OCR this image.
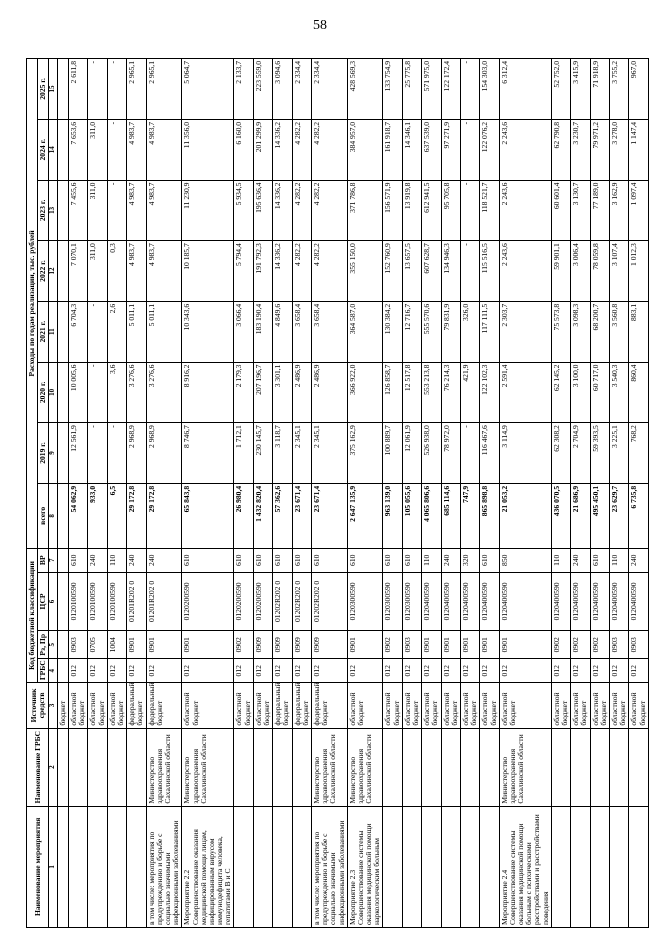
58
Наименование мероприятия	Наименование ГРБС	Источник средств	Код бюджетной классификации				Расходы по годам реализации, тыс. рублей							
			ГРБС	Рз, Пр	ЦСР	ВР	всего	2019 г.	2020 г.	2021 г.	2022 г.	2023 г.	2024 г.	2025 г.
1	2	3	4	5	6	7	8	9	10	11	12	13	14	15
		бюджет												
		областной бюджет	012	0903	0120100590	610	54 062,9	12 561,9	10 005,6	6 704,3	7 070,1	7 455,6	7 653,6	2 611,8
		областной бюджет	012	0705	0120100590	240	933,0	-	-	-	311,0	311,0	311,0	-
		областной бюджет	012	1004	0120100590	110	6,5	-	3,6	2,6	0,3	-	-	-
		федеральный бюджет	012	0901	01201R202 0	240	29 172,8	2 968,9	3 276,6	5 011,1	4 983,7	4 983,7	4 983,7	2 965,1
в том числе: мероприятия по предупреждению и борьбе с социально значимыми инфекционными заболеваниями	Министерство здравоохранения Сахалинской области	федеральный бюджет	012	0901	01201R202 0	240	29 172,8	2 968,9	3 276,6	5 011,1	4 983,7	4 983,7	4 983,7	2 965,1
Мероприятие 2.2 Совершенствование оказания медицинской помощи лицам, инфицированным вирусом иммунодефицита человека, гепатитами B и C	Министерство здравоохранения Сахалинской области	областной бюджет	012	0901	0120200590	610	65 843,8	8 746,7	8 916,2	10 343,6	10 185,7	11 230,9	11 356,0	5 064,7
		областной бюджет	012	0902	0120200590	610	26 980,4	1 712,1	2 179,3	3 066,4	5 794,4	5 934,5	6 160,0	2 133,7
		областной бюджет	012	0909	0120200590	610	1 432 820,4	230 145,7	207 196,7	183 190,4	191 792,3	195 636,4	201 299,9	223 559,0
		федеральный бюджет	012	0909	01202R202 0	610	57 362,6	3 118,7	3 301,1	4 849,6	14 336,2	14 336,2	14 336,2	3 094,6
		федеральный бюджет	012	0909	01202R202 0	610	23 671,4	2 345,1	2 486,9	3 658,4	4 282,2	4 282,2	4 282,2	2 334,4
в том числе: мероприятия по предупреждению и борьбе с социально значимыми инфекционными заболеваниями	Министерство здравоохранения Сахалинской области	федеральный бюджет	012	0909	01202R202 0	610	23 671,4	2 345,1	2 486,9	3 658,4	4 282,2	4 282,2	4 282,2	2 334,4
Мероприятие 2.3 Совершенствование системы оказания медицинской помощи наркологическим больным	Министерство здравоохранения Сахалинской области	областной бюджет	012	0901	0120300590	610	2 647 135,9	375 162,9	366 922,0	364 587,0	355 150,0	371 786,8	384 957,0	428 569,3
		областной бюджет	012	0902	0120300590	610	963 139,0	100 889,7	126 858,7	130 384,2	152 760,9	156 571,9	161 918,7	133 754,9
		областной бюджет	012	0903	0120300590	610	105 055,6	12 061,9	12 517,8	12 716,7	13 657,5	13 919,8	14 346,1	25 775,8
		областной бюджет	012	0901	0120400590	110	4 065 806,6	526 938,0	553 213,8	555 570,6	607 628,7	612 941,5	637 539,0	571 975,0
		областной бюджет	012	0901	0120400590	240	685 114,6	78 972,0	76 214,3	79 831,9	134 946,3	95 705,8	97 271,9	122 172,4
		областной бюджет	012	0901	0120400590	320	747,9	-	421,9	326,0	-	-	-	-
		областной бюджет	012	0901	0120400590	610	865 898,8	116 467,6	122 102,3	117 111,5	115 516,5	118 521,7	122 076,2	154 303,0
Мероприятие 2.4 Совершенствование системы оказания медицинской помощи больным с психическими расстройствами и расстройствами поведения	Министерство здравоохранения Сахалинской области	областной бюджет	012	0901	0120400590	850	21 053,2	3 114,9	2 591,4	2 303,7	2 243,6	2 243,6	2 243,6	6 312,4
		областной бюджет	012	0902	0120400590	110	436 070,5	62 308,2	62 145,2	75 573,8	59 901,1	60 601,4	62 790,8	52 752,0
		областной бюджет	012	0902	0120400590	240	21 686,9	2 704,9	3 100,0	3 098,3	3 006,4	3 130,7	3 230,7	3 415,9
		областной бюджет	012	0902	0120400590	610	495 450,1	59 393,5	60 717,0	68 200,7	78 059,8	77 189,0	79 971,2	71 918,9
		областной бюджет	012	0903	0120400590	110	23 629,7	3 225,1	3 540,3	3 560,8	3 107,4	3 162,9	3 278,0	3 755,2
		областной бюджет	012	0903	0120400590	240	6 735,8	768,2	860,4	883,1	1 012,3	1 097,4	1 147,4	967,0
